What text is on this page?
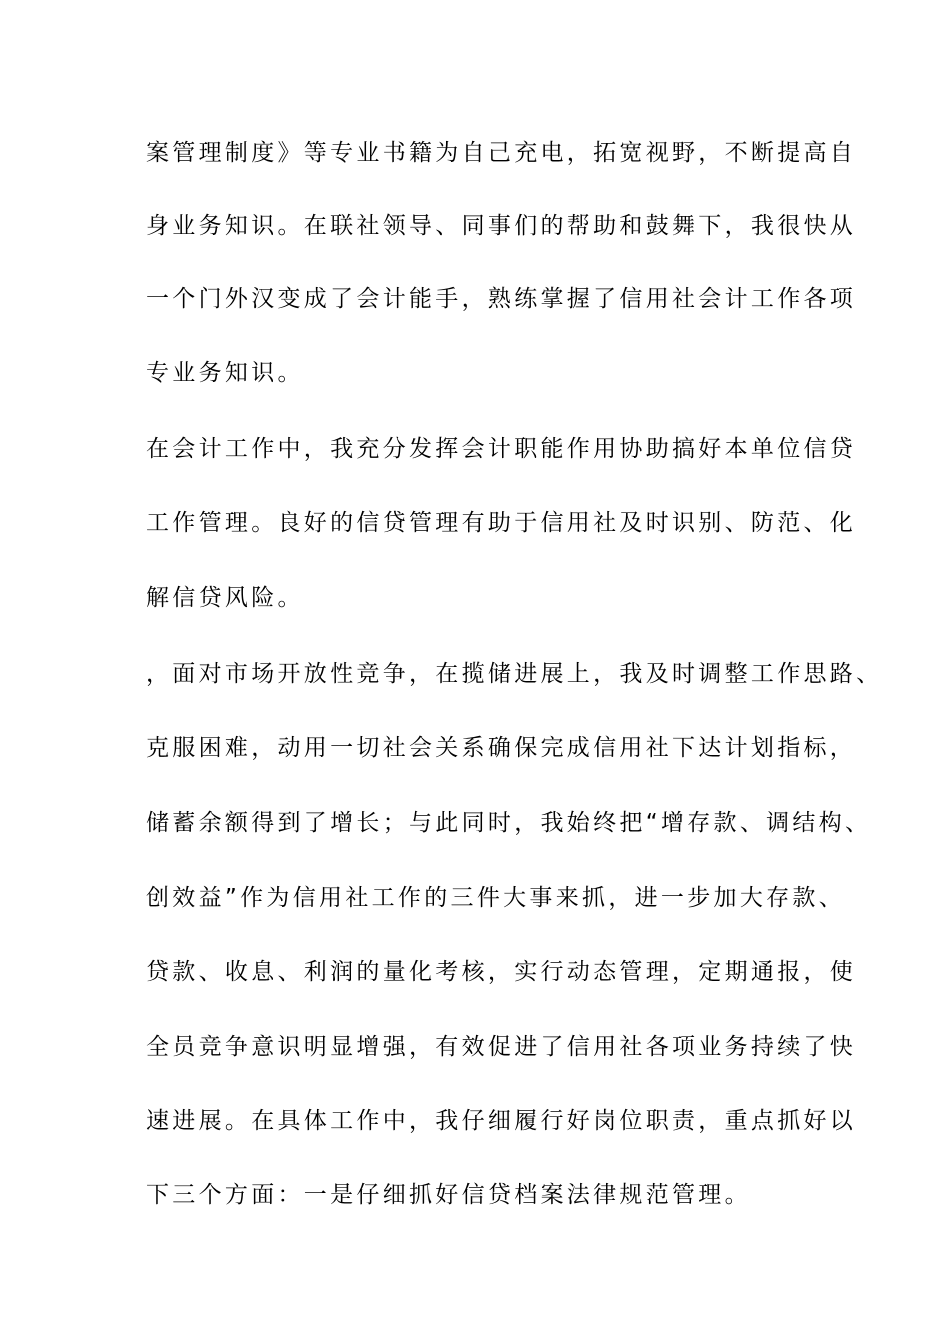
案管理制度》等专业书籍为自己充电，拓宽视野，不断提高自
身业务知识。在联社领导、同事们的帮助和鼓舞下，我很快从
一个门外汉变成了会计能手，熟练掌握了信用社会计工作各项
专业务知识。
在会计工作中，我充分发挥会计职能作用协助搞好本单位信贷
工作管理。良好的信贷管理有助于信用社及时识别、防范、化
解信贷风险。
，面对市场开放性竞争，在揽储进展上，我及时调整工作思路、
克服困难，动用一切社会关系确保完成信用社下达计划指标，
储蓄余额得到了增长；与此同时，我始终把“增存款、调结构、
创效益”作为信用社工作的三件大事来抓，进一步加大存款、
贷款、收息、利润的量化考核，实行动态管理，定期通报，使
全员竞争意识明显增强，有效促进了信用社各项业务持续了快
速进展。在具体工作中，我仔细履行好岗位职责，重点抓好以
下三个方面：一是仔细抓好信贷档案法律规范管理。
